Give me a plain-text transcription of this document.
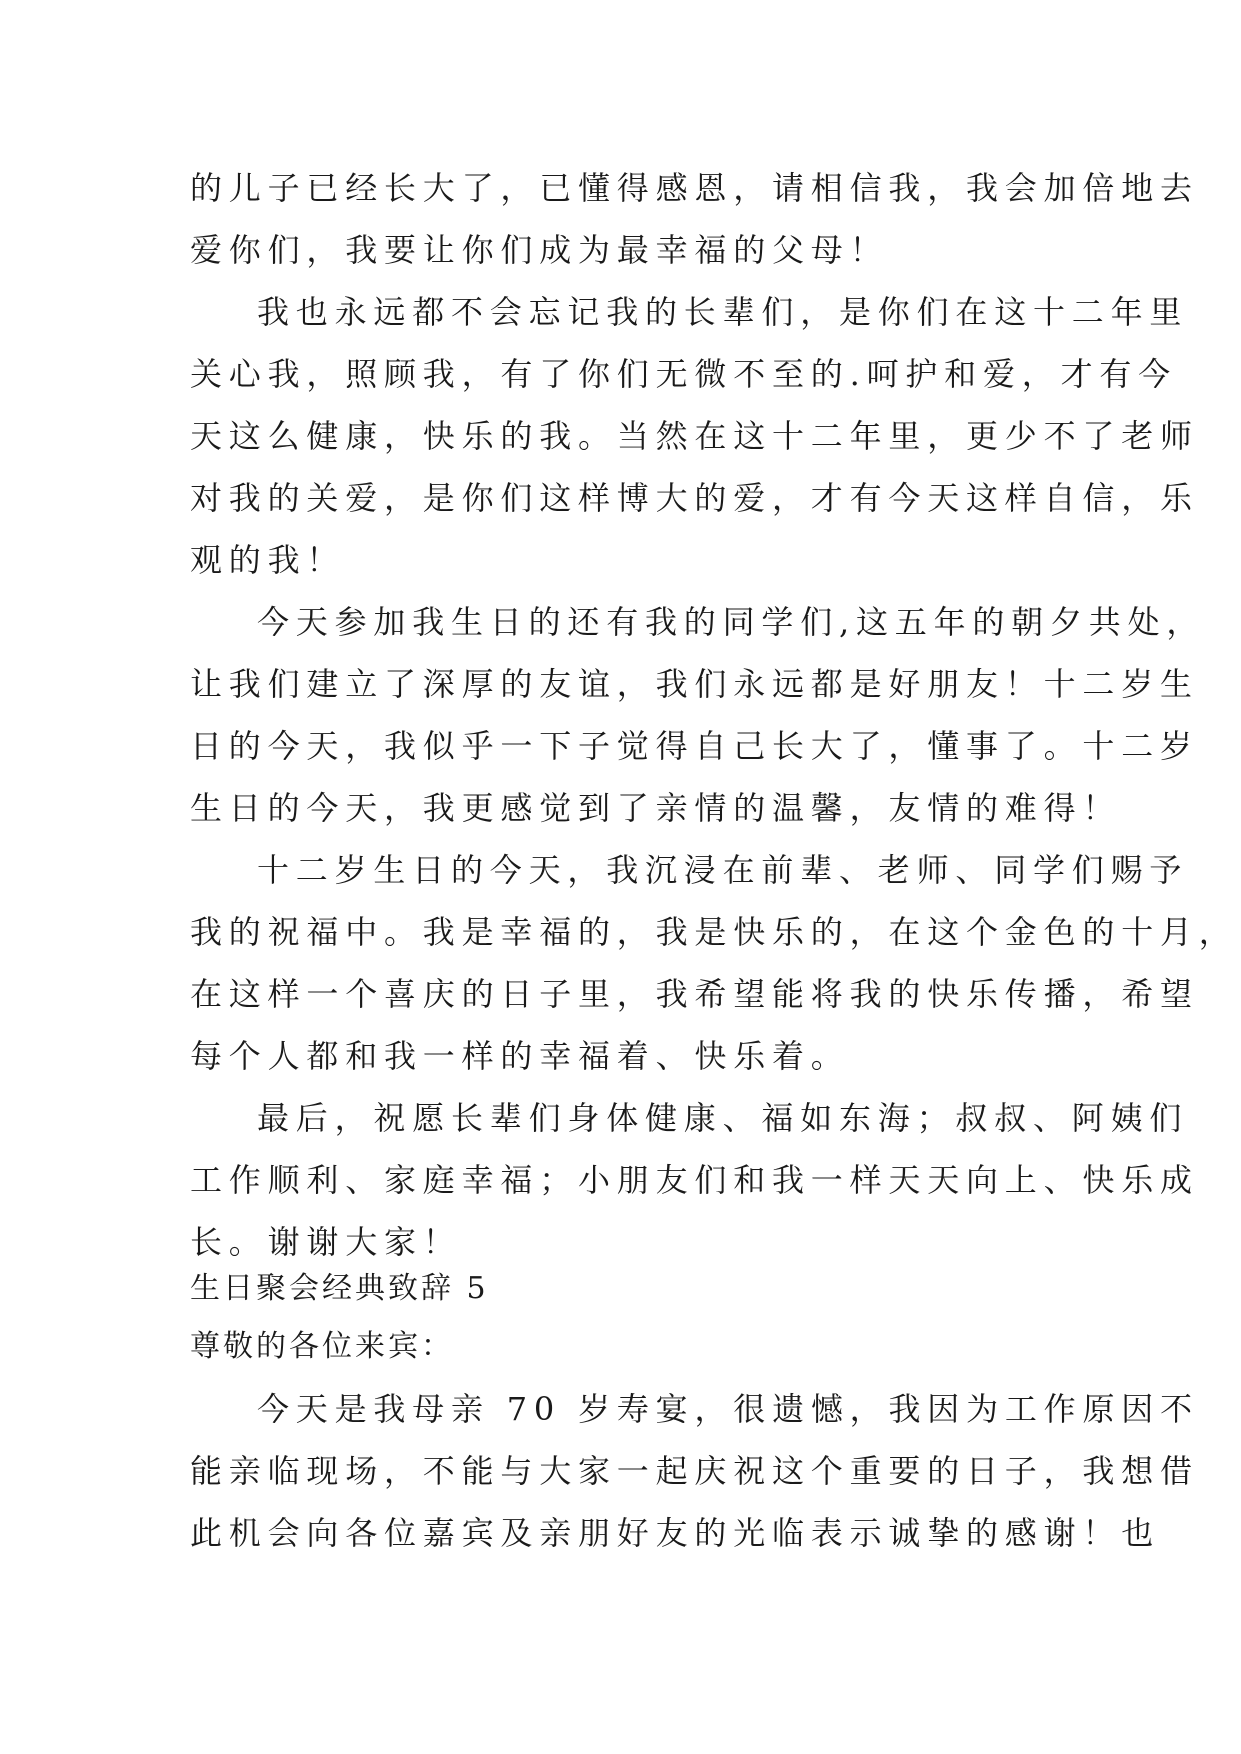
的儿子已经长大了，已懂得感恩，请相信我，我会加倍地去
爱你们，我要让你们成为最幸福的父母！
我也永远都不会忘记我的长辈们，是你们在这十二年里
关心我，照顾我，有了你们无微不至的.呵护和爱，才有今
天这么健康，快乐的我。当然在这十二年里，更少不了老师
对我的关爱，是你们这样博大的爱，才有今天这样自信，乐
观的我！
今天参加我生日的还有我的同学们,这五年的朝夕共处，
让我们建立了深厚的友谊，我们永远都是好朋友！十二岁生
日的今天，我似乎一下子觉得自己长大了，懂事了。十二岁
生日的今天，我更感觉到了亲情的温馨，友情的难得！
十二岁生日的今天，我沉浸在前辈、老师、同学们赐予
我的祝福中。我是幸福的，我是快乐的，在这个金色的十月，
在这样一个喜庆的日子里，我希望能将我的快乐传播，希望
每个人都和我一样的幸福着、快乐着。
最后，祝愿长辈们身体健康、福如东海；叔叔、阿姨们
工作顺利、家庭幸福；小朋友们和我一样天天向上、快乐成
长。谢谢大家！
生日聚会经典致辞 5
尊敬的各位来宾：
今天是我母亲 70 岁寿宴，很遗憾，我因为工作原因不
能亲临现场，不能与大家一起庆祝这个重要的日子，我想借
此机会向各位嘉宾及亲朋好友的光临表示诚挚的感谢！也
